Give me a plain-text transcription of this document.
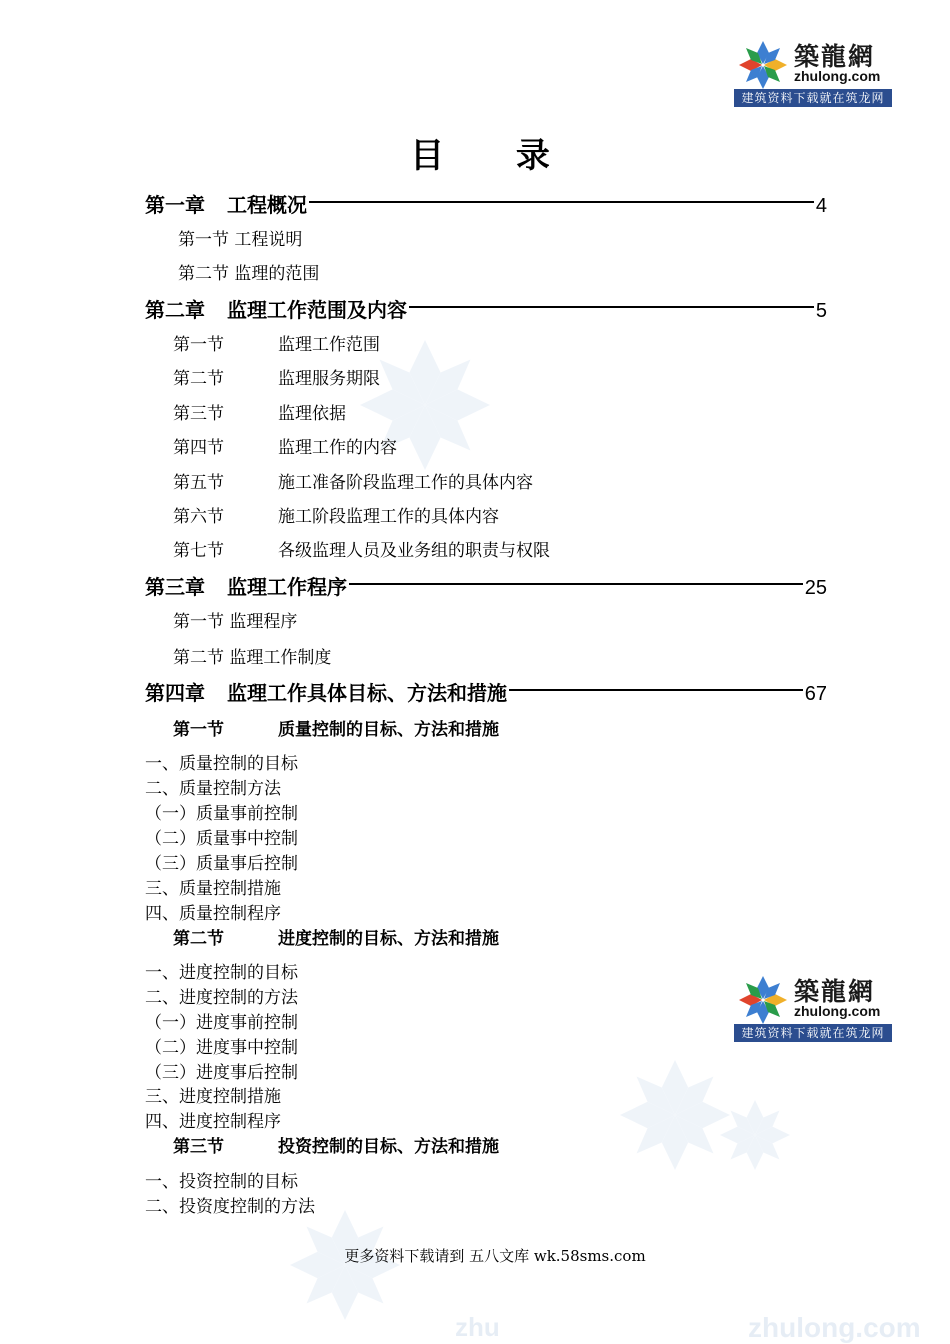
zhulong.com
zhu
築龍網
zhulong.com
建筑资料下载就在筑龙网
築龍網
zhulong.com
建筑资料下载就在筑龙网
目 录
第一章 工程概况	4
第一节 工程说明
第二节 监理的范围
第二章 监理工作范围及内容	5
第一节	监理工作范围
第二节	监理服务期限
第三节	监理依据
第四节	监理工作的内容
第五节	施工准备阶段监理工作的具体内容
第六节	施工阶段监理工作的具体内容
第七节	各级监理人员及业务组的职责与权限
第三章 监理工作程序	25
第一节 监理程序
第二节 监理工作制度
第四章 监理工作具体目标、方法和措施	67
第一节	质量控制的目标、方法和措施
一、质量控制的目标
二、质量控制方法
（一）质量事前控制
（二）质量事中控制
（三）质量事后控制
三、质量控制措施
四、质量控制程序
第二节	进度控制的目标、方法和措施
一、进度控制的目标
二、进度控制的方法
（一）进度事前控制
（二）进度事中控制
（三）进度事后控制
三、进度控制措施
四、进度控制程序
第三节	投资控制的目标、方法和措施
一、投资控制的目标
二、投资度控制的方法
更多资料下载请到 五八文库 wk.58sms.com
